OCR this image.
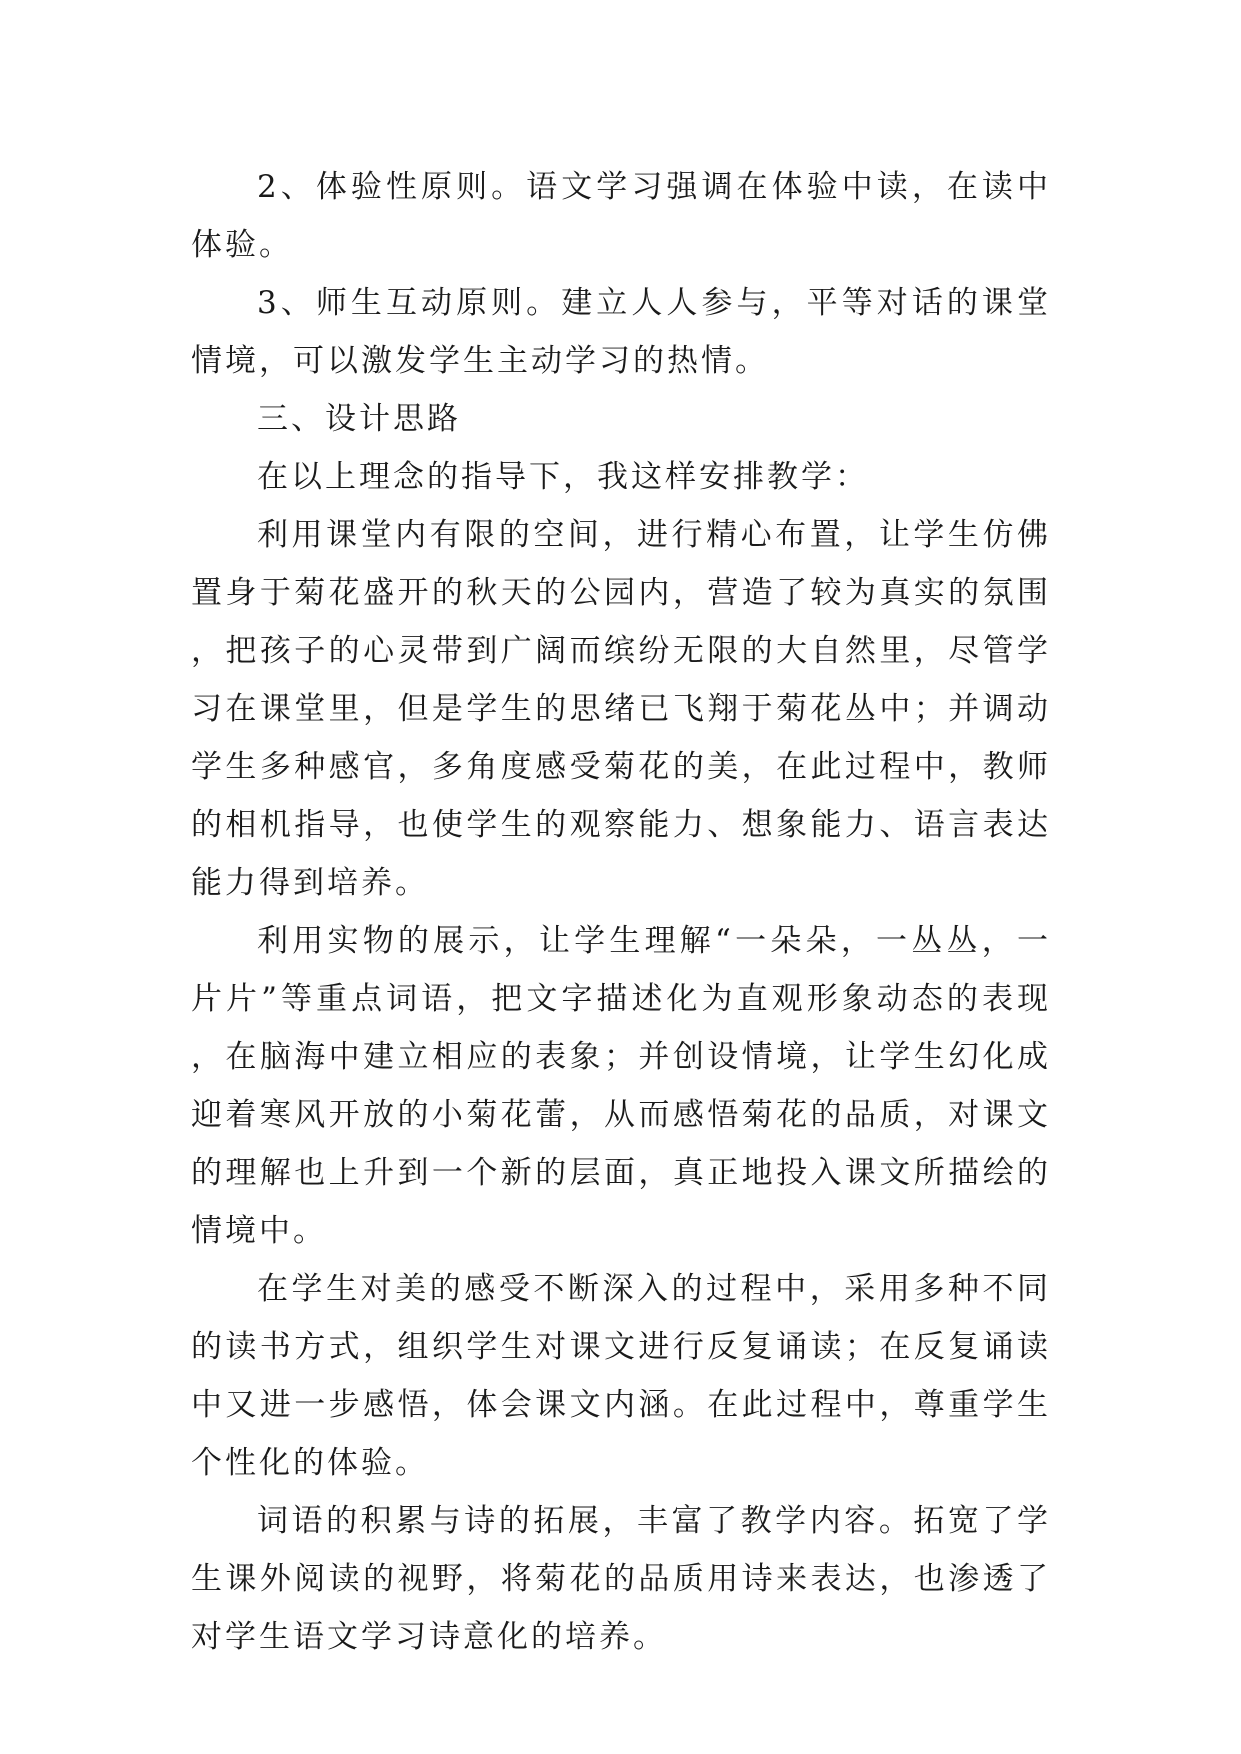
2、体验性原则。语文学习强调在体验中读，在读中体验。

3、师生互动原则。建立人人参与，平等对话的课堂情境，可以激发学生主动学习的热情。

三、设计思路

在以上理念的指导下，我这样安排教学：

利用课堂内有限的空间，进行精心布置，让学生仿佛置身于菊花盛开的秋天的公园内，营造了较为真实的氛围，把孩子的心灵带到广阔而缤纷无限的大自然里，尽管学习在课堂里，但是学生的思绪已飞翔于菊花丛中；并调动学生多种感官，多角度感受菊花的美，在此过程中，教师的相机指导，也使学生的观察能力、想象能力、语言表达能力得到培养。

利用实物的展示，让学生理解“一朵朵，一丛丛，一片片”等重点词语，把文字描述化为直观形象动态的表现，在脑海中建立相应的表象；并创设情境，让学生幻化成迎着寒风开放的小菊花蕾，从而感悟菊花的品质，对课文的理解也上升到一个新的层面，真正地投入课文所描绘的情境中。

在学生对美的感受不断深入的过程中，采用多种不同的读书方式，组织学生对课文进行反复诵读；在反复诵读中又进一步感悟，体会课文内涵。在此过程中，尊重学生个性化的体验。

词语的积累与诗的拓展，丰富了教学内容。拓宽了学生课外阅读的视野，将菊花的品质用诗来表达，也渗透了对学生语文学习诗意化的培养。
